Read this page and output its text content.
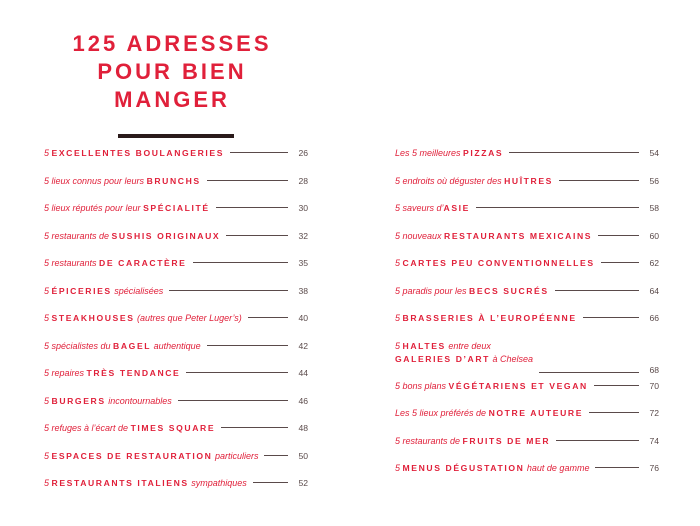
125 ADRESSES POUR BIEN MANGER
5 EXCELLENTES BOULANGERIES	26
5 lieux connus pour leurs BRUNCHS	28
5 lieux réputés pour leur SPÉCIALITÉ	30
5 restaurants de SUSHIS ORIGINAUX	32
5 restaurants DE CARACTÈRE	35
5 ÉPICERIES spécialisées	38
5 STEAKHOUSES (autres que Peter Luger’s)	40
5 spécialistes du BAGEL authentique	42
5 repaires TRÈS TENDANCE	44
5 BURGERS incontournables	46
5 refuges à l’écart de TIMES SQUARE	48
5 ESPACES DE RESTAURATION particuliers	50
5 RESTAURANTS ITALIENS sympathiques	52
Les 5 meilleures PIZZAS	54
5 endroits où déguster des HUÎTRES	56
5 saveurs d’ASIE	58
5 nouveaux RESTAURANTS MEXICAINS	60
5 CARTES PEU CONVENTIONNELLES	62
5 paradis pour les BECS SUCRÉS	64
5 BRASSERIES À L’EUROPÉENNE	66
5 HALTES entre deux
GALERIES D’ART à Chelsea
68
5 bons plans VÉGÉTARIENS ET VEGAN	70
Les 5 lieux préférés de NOTRE AUTEURE	72
5 restaurants de FRUITS DE MER	74
5 MENUS DÉGUSTATION haut de gamme	76
